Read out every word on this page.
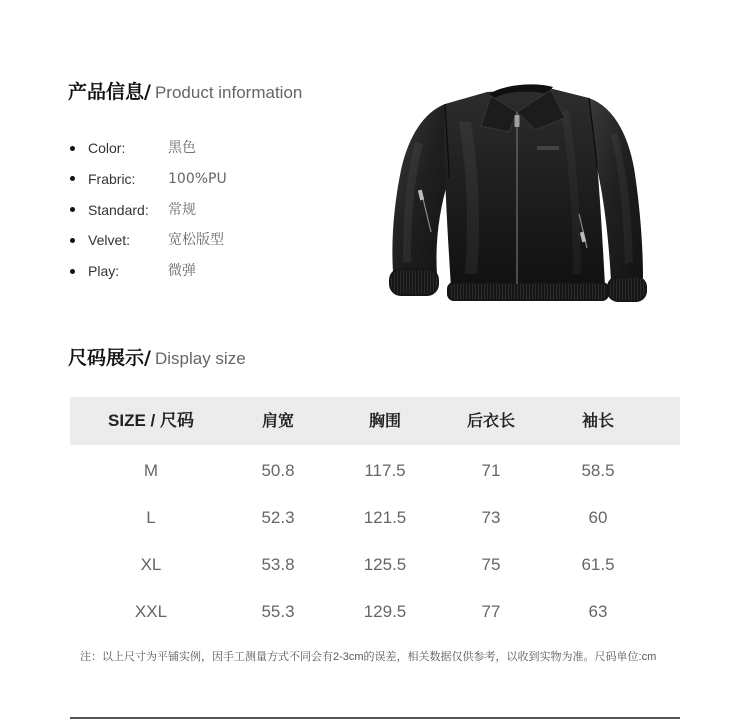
产品信息/ Product information
Color:	黑色
Frabric: 100%PU
Standard: 常规
Velvet:	宽松版型
Play:	微弹
尺码展示/ Display size
SIZE / 尺码	肩宽	胸围	后衣长	袖长
M	50.8	117.5	71	58.5
L	52.3	121.5	73	60
XL	53.8	125.5	75	61.5
XXL	55.3	129.5	77	63
注：以上尺寸为平铺实例，因手工测量方式不同会有2-3cm的误差，相关数据仅供参考，以收到实物为准。尺码单位:cm
